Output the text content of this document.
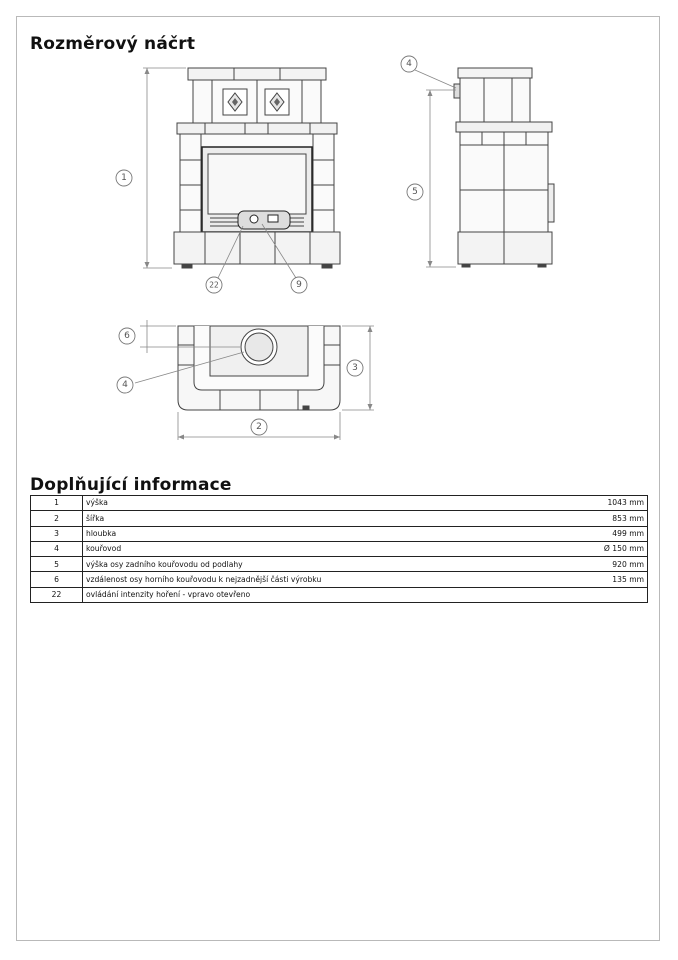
Rozměrový náčrt
1
5
4
22	9
6
4
3
2
Doplňující informace
1	výška	1043 mm
2	šířka	853 mm
3	hloubka	499 mm
4	kouřovod	Ø 150 mm
5	výška osy zadního kouřovodu od podlahy	920 mm
6	vzdálenost osy horního kouřovodu k nejzadnější části výrobku	135 mm
22	ovládání intenzity hoření - vpravo otevřeno	
